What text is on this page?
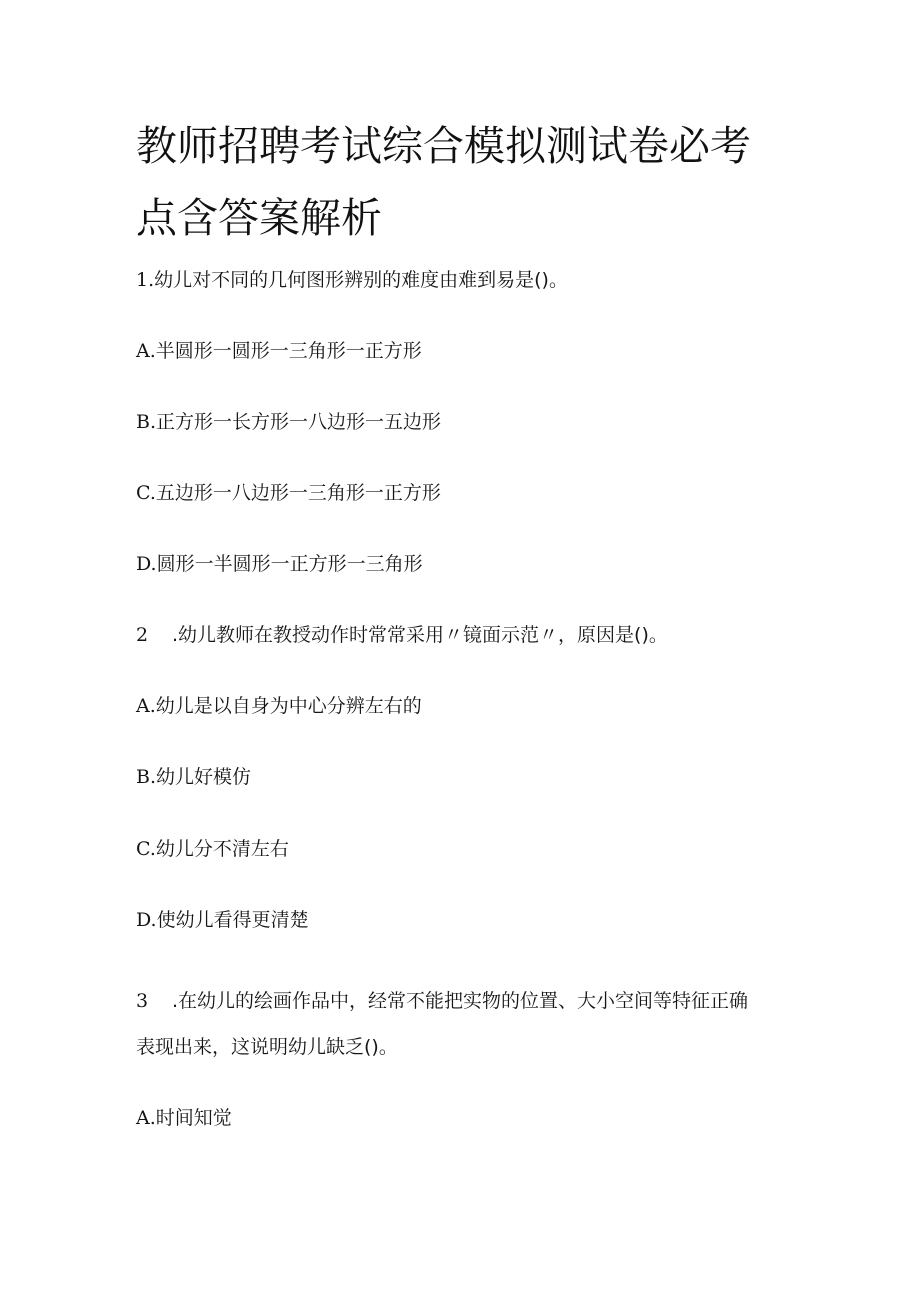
教师招聘考试综合模拟测试卷必考
点含答案解析

1.幼儿对不同的几何图形辨别的难度由难到易是()。

A.半圆形一圆形一三角形一正方形

B.正方形一长方形一八边形一五边形

C.五边形一八边形一三角形一正方形

D.圆形一半圆形一正方形一三角形

2 .幼儿教师在教授动作时常常采用〃镜面示范〃，原因是()。

A.幼儿是以自身为中心分辨左右的

B.幼儿好模仿

C.幼儿分不清左右

D.使幼儿看得更清楚

3 .在幼儿的绘画作品中，经常不能把实物的位置、大小空间等特征正确
表现出来，这说明幼儿缺乏()。

A.时间知觉
